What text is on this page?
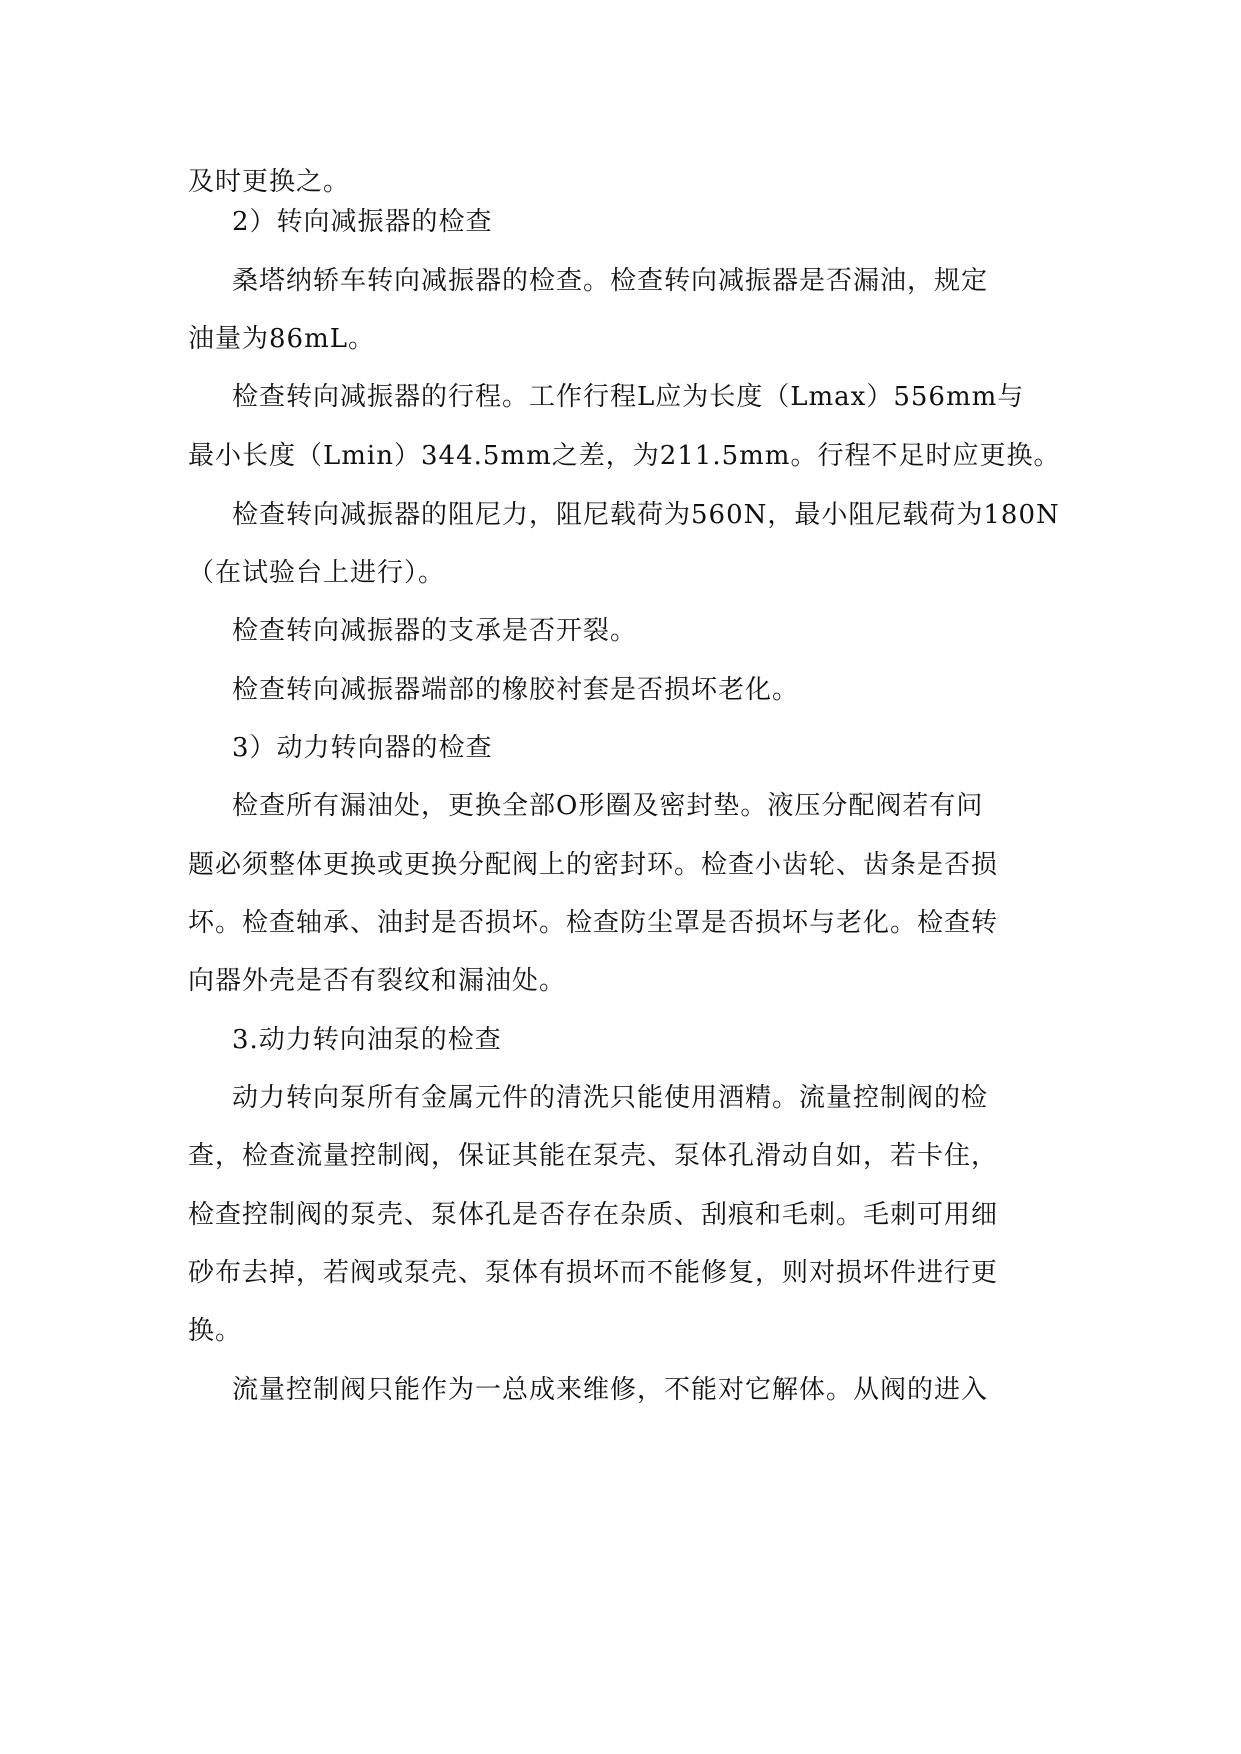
及时更换之。
2）转向减振器的检查
桑塔纳轿车转向减振器的检查。检查转向减振器是否漏油，规定
油量为86mL。
检查转向减振器的行程。工作行程L应为长度（Lmax）556mm与
最小长度（Lmin）344.5mm之差，为211.5mm。行程不足时应更换。
检查转向减振器的阻尼力，阻尼载荷为560N，最小阻尼载荷为180N
（在试验台上进行）。
检查转向减振器的支承是否开裂。
检查转向减振器端部的橡胶衬套是否损坏老化。
3）动力转向器的检查
检查所有漏油处，更换全部O形圈及密封垫。液压分配阀若有问
题必须整体更换或更换分配阀上的密封环。检查小齿轮、齿条是否损
坏。检查轴承、油封是否损坏。检查防尘罩是否损坏与老化。检查转
向器外壳是否有裂纹和漏油处。
3.动力转向油泵的检查
动力转向泵所有金属元件的清洗只能使用酒精。流量控制阀的检
查，检查流量控制阀，保证其能在泵壳、泵体孔滑动自如，若卡住，
检查控制阀的泵壳、泵体孔是否存在杂质、刮痕和毛刺。毛刺可用细
砂布去掉，若阀或泵壳、泵体有损坏而不能修复，则对损坏件进行更
换。
流量控制阀只能作为一总成来维修，不能对它解体。从阀的进入
